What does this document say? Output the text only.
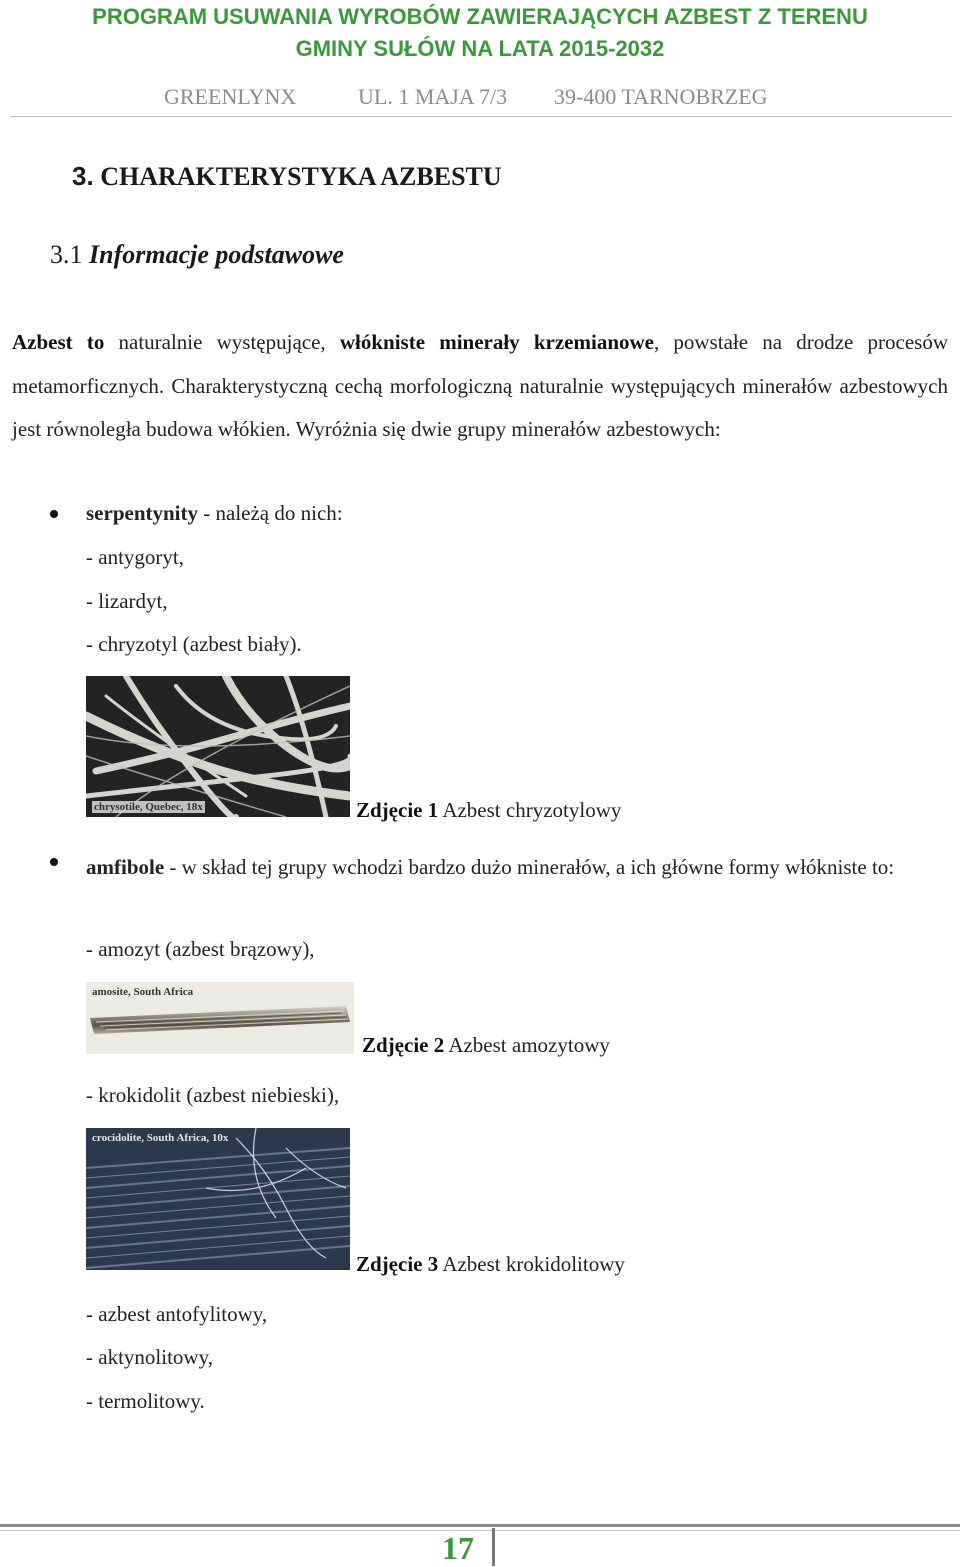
PROGRAM USUWANIA WYROBÓW ZAWIERAJĄCYCH AZBEST Z TERENU
GMINY SUŁÓW NA LATA 2015-2032
GREENLYNX	UL. 1 MAJA 7/3 39-400 TARNOBRZEG
3. CHARAKTERYSTYKA AZBESTU
3.1 Informacje podstawowe
Azbest to naturalnie występujące, włókniste minerały krzemianowe, powstałe na drodze procesów metamorficznych. Charakterystyczną cechą morfologiczną naturalnie występujących minerałów azbestowych jest równoległa budowa włókien. Wyróżnia się dwie grupy minerałów azbestowych:
serpentynity - należą do nich:
- antygoryt,
- lizardyt,
- chryzotyl (azbest biały).
chrysotile, Quebec, 18x	Zdjęcie 1 Azbest chryzotylowy
amfibole - w skład tej grupy wchodzi bardzo dużo minerałów, a ich główne formy włókniste to:
- amozyt (azbest brązowy),
amosite, South Africa
Zdjęcie 2 Azbest amozytowy
- krokidolit (azbest niebieski),
crocidolite, South Africa, 10x
Zdjęcie 3 Azbest krokidolitowy
- azbest antofylitowy,
- aktynolitowy,
- termolitowy.
17
